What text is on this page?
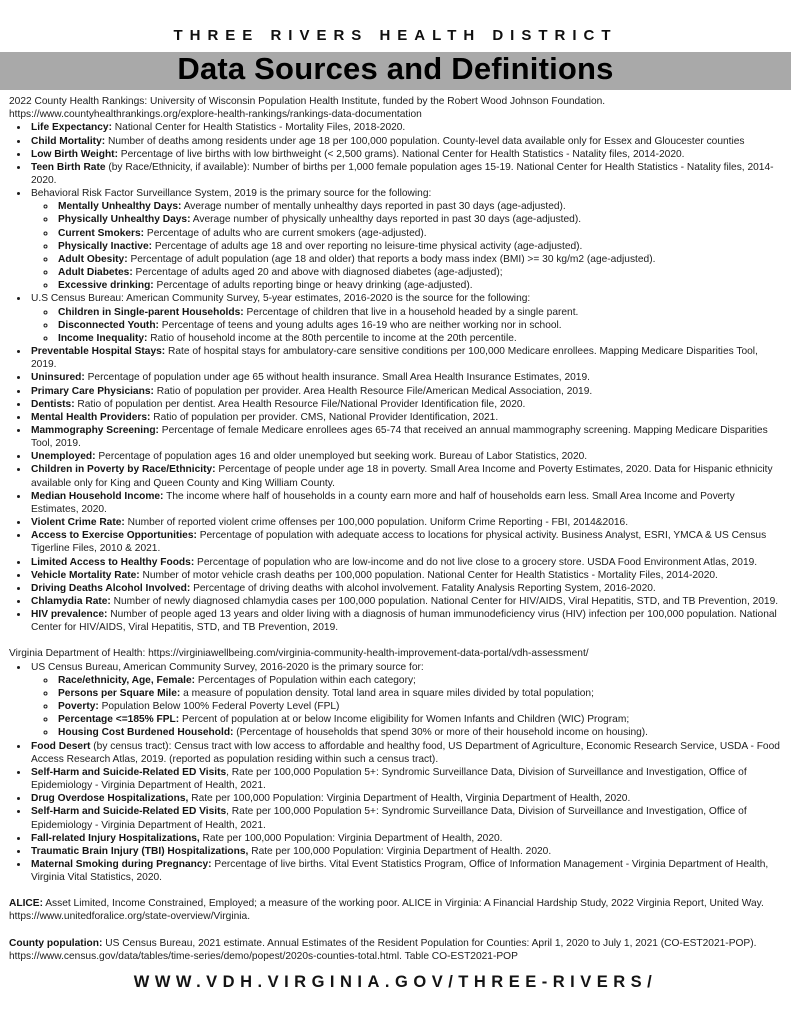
THREE RIVERS HEALTH DISTRICT
Data Sources and Definitions
2022 County Health Rankings: University of Wisconsin Population Health Institute, funded by the Robert Wood Johnson Foundation.
https://www.countyhealthrankings.org/explore-health-rankings/rankings-data-documentation
• Life Expectancy: National Center for Health Statistics - Mortality Files, 2018-2020.
• Child Mortality: Number of deaths among residents under age 18 per 100,000 population. County-level data available only for Essex and Gloucester counties
• Low Birth Weight: Percentage of live births with low birthweight (< 2,500 grams). National Center for Health Statistics - Natality files, 2014-2020.
• Teen Birth Rate (by Race/Ethnicity, if available): Number of births per 1,000 female population ages 15-19. National Center for Health Statistics - Natality files, 2014-2020.
• Behavioral Risk Factor Surveillance System, 2019 is the primary source for the following:
◦ Mentally Unhealthy Days: Average number of mentally unhealthy days reported in past 30 days (age-adjusted).
◦ Physically Unhealthy Days: Average number of physically unhealthy days reported in past 30 days (age-adjusted).
◦ Current Smokers: Percentage of adults who are current smokers (age-adjusted).
◦ Physically Inactive: Percentage of adults age 18 and over reporting no leisure-time physical activity (age-adjusted).
◦ Adult Obesity: Percentage of adult population (age 18 and older) that reports a body mass index (BMI) >= 30 kg/m2 (age-adjusted).
◦ Adult Diabetes: Percentage of adults aged 20 and above with diagnosed diabetes (age-adjusted);
◦ Excessive drinking: Percentage of adults reporting binge or heavy drinking (age-adjusted).
• U.S Census Bureau: American Community Survey, 5-year estimates, 2016-2020 is the source for the following:
◦ Children in Single-parent Households: Percentage of children that live in a household headed by a single parent.
◦ Disconnected Youth: Percentage of teens and young adults ages 16-19 who are neither working nor in school.
◦ Income Inequality: Ratio of household income at the 80th percentile to income at the 20th percentile.
• Preventable Hospital Stays: Rate of hospital stays for ambulatory-care sensitive conditions per 100,000 Medicare enrollees. Mapping Medicare Disparities Tool, 2019.
• Uninsured: Percentage of population under age 65 without health insurance. Small Area Health Insurance Estimates, 2019.
• Primary Care Physicians: Ratio of population per provider. Area Health Resource File/American Medical Association, 2019.
• Dentists: Ratio of population per dentist. Area Health Resource File/National Provider Identification file, 2020.
• Mental Health Providers: Ratio of population per provider. CMS, National Provider Identification, 2021.
• Mammography Screening: Percentage of female Medicare enrollees ages 65-74 that received an annual mammography screening. Mapping Medicare Disparities Tool, 2019.
• Unemployed: Percentage of population ages 16 and older unemployed but seeking work. Bureau of Labor Statistics, 2020.
• Children in Poverty by Race/Ethnicity: Percentage of people under age 18 in poverty. Small Area Income and Poverty Estimates, 2020. Data for Hispanic ethnicity available only for King and Queen County and King William County.
• Median Household Income: The income where half of households in a county earn more and half of households earn less. Small Area Income and Poverty Estimates, 2020.
• Violent Crime Rate: Number of reported violent crime offenses per 100,000 population. Uniform Crime Reporting - FBI, 2014&2016.
• Access to Exercise Opportunities: Percentage of population with adequate access to locations for physical activity. Business Analyst, ESRI, YMCA & US Census Tigerline Files, 2010 & 2021.
• Limited Access to Healthy Foods: Percentage of population who are low-income and do not live close to a grocery store. USDA Food Environment Atlas, 2019.
• Vehicle Mortality Rate: Number of motor vehicle crash deaths per 100,000 population. National Center for Health Statistics - Mortality Files, 2014-2020.
• Driving Deaths Alcohol Involved: Percentage of driving deaths with alcohol involvement. Fatality Analysis Reporting System, 2016-2020.
• Chlamydia Rate: Number of newly diagnosed chlamydia cases per 100,000 population. National Center for HIV/AIDS, Viral Hepatitis, STD, and TB Prevention, 2019.
• HIV prevalence: Number of people aged 13 years and older living with a diagnosis of human immunodeficiency virus (HIV) infection per 100,000 population. National Center for HIV/AIDS, Viral Hepatitis, STD, and TB Prevention, 2019.
Virginia Department of Health: https://virginiawellbeing.com/virginia-community-health-improvement-data-portal/vdh-assessment/
• US Census Bureau, American Community Survey, 2016-2020 is the primary source for:
◦ Race/ethnicity, Age, Female: Percentages of Population within each category;
◦ Persons per Square Mile: a measure of population density. Total land area in square miles divided by total population;
◦ Poverty: Population Below 100% Federal Poverty Level (FPL)
◦ Percentage <=185% FPL: Percent of population at or below Income eligibility for Women Infants and Children (WIC) Program;
◦ Housing Cost Burdened Household: (Percentage of households that spend 30% or more of their household income on housing).
• Food Desert (by census tract): Census tract with low access to affordable and healthy food, US Department of Agriculture, Economic Research Service, USDA - Food Access Research Atlas, 2019. (reported as population residing within such a census tract).
• Self-Harm and Suicide-Related ED Visits, Rate per 100,000 Population 5+: Syndromic Surveillance Data, Division of Surveillance and Investigation, Office of Epidemiology - Virginia Department of Health, 2021.
• Drug Overdose Hospitalizations, Rate per 100,000 Population: Virginia Department of Health, Virginia Department of Health, 2020.
• Self-Harm and Suicide-Related ED Visits, Rate per 100,000 Population 5+: Syndromic Surveillance Data, Division of Surveillance and Investigation, Office of Epidemiology - Virginia Department of Health, 2021.
• Fall-related Injury Hospitalizations, Rate per 100,000 Population: Virginia Department of Health, 2020.
• Traumatic Brain Injury (TBI) Hospitalizations, Rate per 100,000 Population: Virginia Department of Health. 2020.
• Maternal Smoking during Pregnancy: Percentage of live births. Vital Event Statistics Program, Office of Information Management - Virginia Department of Health, Virginia Vital Statistics, 2020.
ALICE: Asset Limited, Income Constrained, Employed; a measure of the working poor. ALICE in Virginia: A Financial Hardship Study, 2022 Virginia Report, United Way. https://www.unitedforalice.org/state-overview/Virginia.
County population: US Census Bureau, 2021 estimate. Annual Estimates of the Resident Population for Counties: April 1, 2020 to July 1, 2021 (CO-EST2021-POP). https://www.census.gov/data/tables/time-series/demo/popest/2020s-counties-total.html. Table CO-EST2021-POP
WWW.VDH.VIRGINIA.GOV/THREE-RIVERS/
